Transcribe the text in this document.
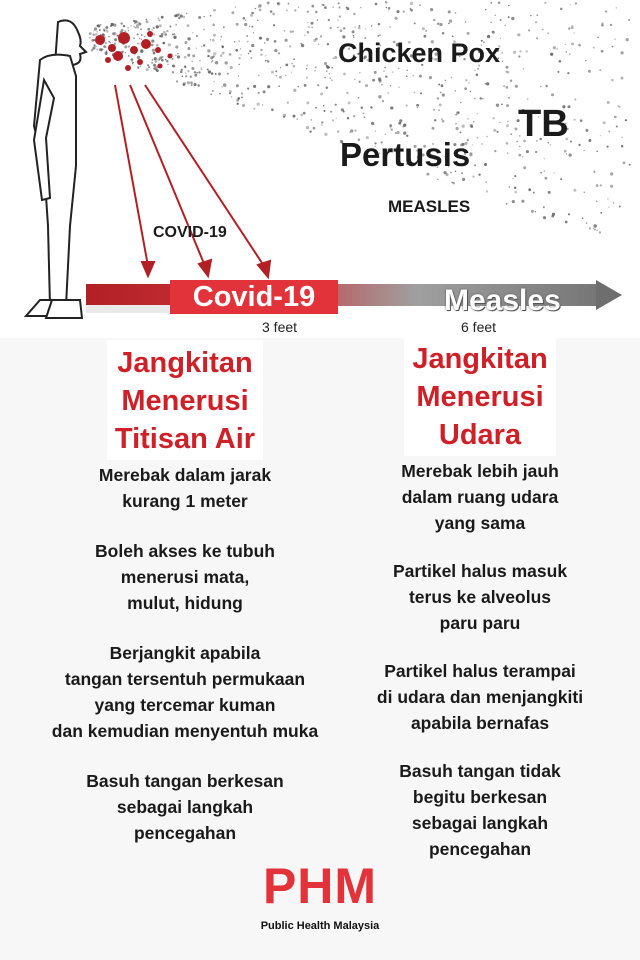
Chicken Pox
TB
Pertusis
MEASLES
COVID-19
Covid-19	Measles
3 feet	6 feet
Jangkitan
Menerusi
Titisan Air

Merebak dalam jarak
kurang 1 meter

Boleh akses ke tubuh
menerusi mata,
mulut, hidung

Berjangkit apabila
tangan tersentuh permukaan
yang tercemar kuman
dan kemudian menyentuh muka

Basuh tangan berkesan
sebagai langkah
pencegahan

Jangkitan
Menerusi
Udara

Merebak lebih jauh
dalam ruang udara
yang sama

Partikel halus masuk
terus ke alveolus
paru paru

Partikel halus terampai
di udara dan menjangkiti
apabila bernafas

Basuh tangan tidak
begitu berkesan
sebagai langkah
pencegahan

PHM
Public Health Malaysia
